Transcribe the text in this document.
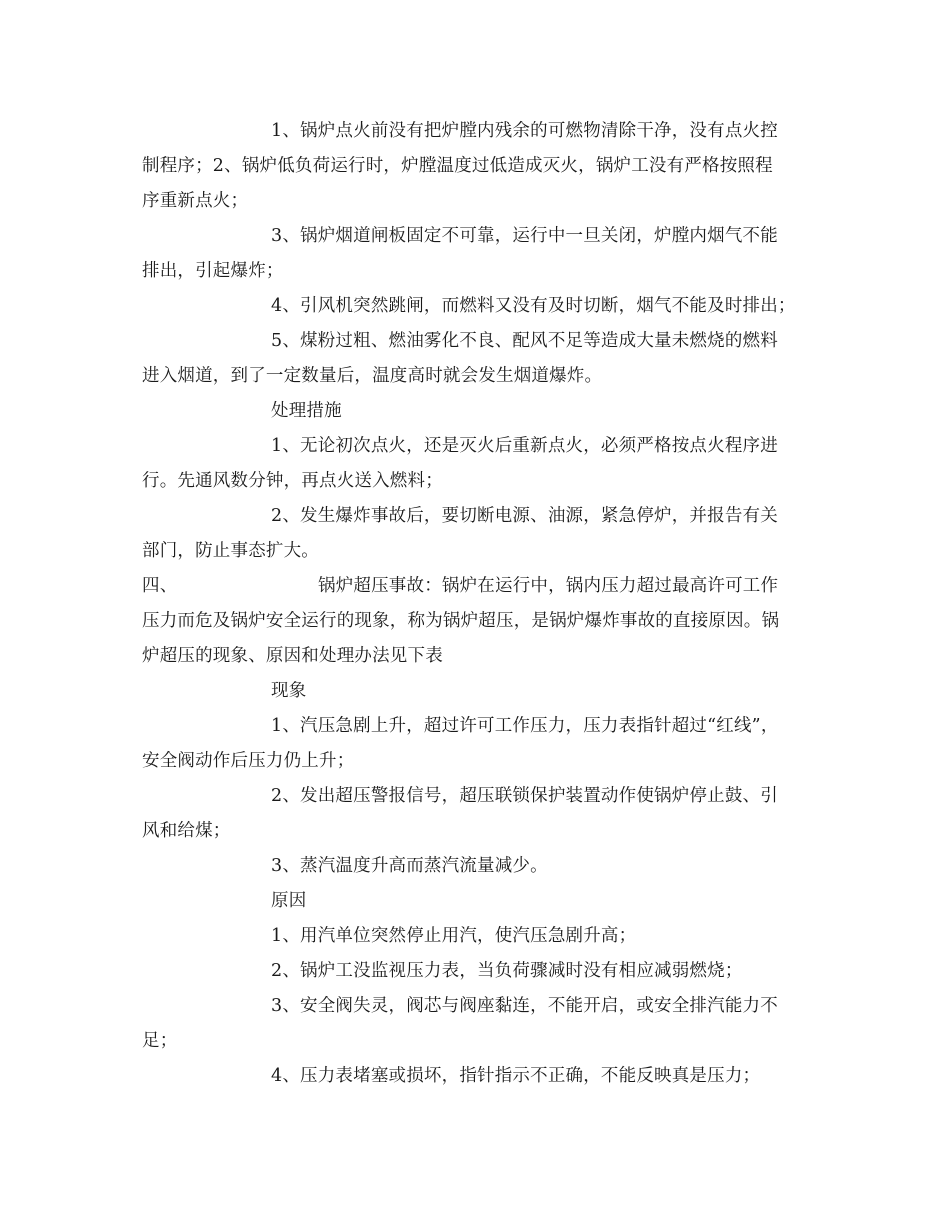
1、锅炉点火前没有把炉膛内残余的可燃物清除干净，没有点火控
制程序；2、锅炉低负荷运行时，炉膛温度过低造成灭火，锅炉工没有严格按照程
序重新点火；
3、锅炉烟道闸板固定不可靠，运行中一旦关闭，炉膛内烟气不能
排出，引起爆炸；
4、引风机突然跳闸，而燃料又没有及时切断，烟气不能及时排出；
5、煤粉过粗、燃油雾化不良、配风不足等造成大量未燃烧的燃料
进入烟道，到了一定数量后，温度高时就会发生烟道爆炸。
处理措施
1、无论初次点火，还是灭火后重新点火，必须严格按点火程序进
行。先通风数分钟，再点火送入燃料；
2、发生爆炸事故后，要切断电源、油源，紧急停炉，并报告有关
部门，防止事态扩大。
四、	锅炉超压事故：锅炉在运行中，锅内压力超过最高许可工作
压力而危及锅炉安全运行的现象，称为锅炉超压，是锅炉爆炸事故的直接原因。锅
炉超压的现象、原因和处理办法见下表
现象
1、汽压急剧上升，超过许可工作压力，压力表指针超过“红线”，
安全阀动作后压力仍上升；
2、发出超压警报信号，超压联锁保护装置动作使锅炉停止鼓、引
风和给煤；
3、蒸汽温度升高而蒸汽流量减少。
原因
1、用汽单位突然停止用汽，使汽压急剧升高；
2、锅炉工没监视压力表，当负荷骤减时没有相应减弱燃烧；
3、安全阀失灵，阀芯与阀座黏连，不能开启，或安全排汽能力不
足；
4、压力表堵塞或损坏，指针指示不正确，不能反映真是压力；
